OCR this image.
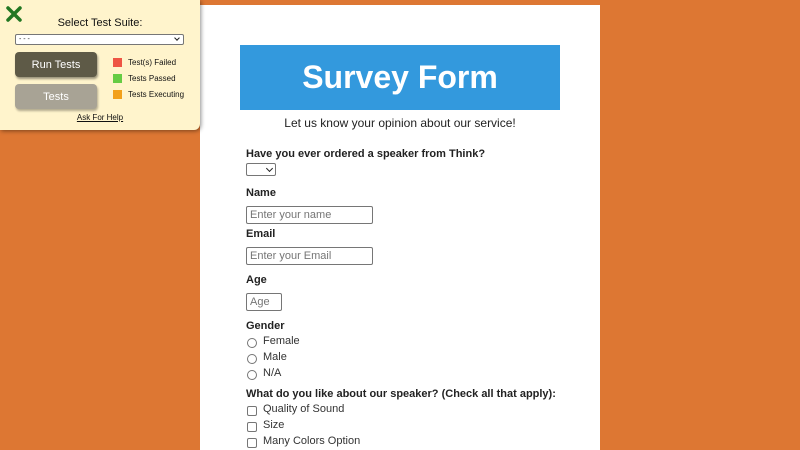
Survey Form
Let us know your opinion about our service!
Have you ever ordered a speaker from Think?
Name
Enter your name
Email
Enter your Email
Age
Age
Gender
Female
Male
N/A
What do you like about our speaker? (Check all that apply):
Quality of Sound
Size
Many Colors Option
Select Test Suite:
- - -
Run Tests
Tests
Test(s) Failed
Tests Passed
Tests Executing
Ask For Help
